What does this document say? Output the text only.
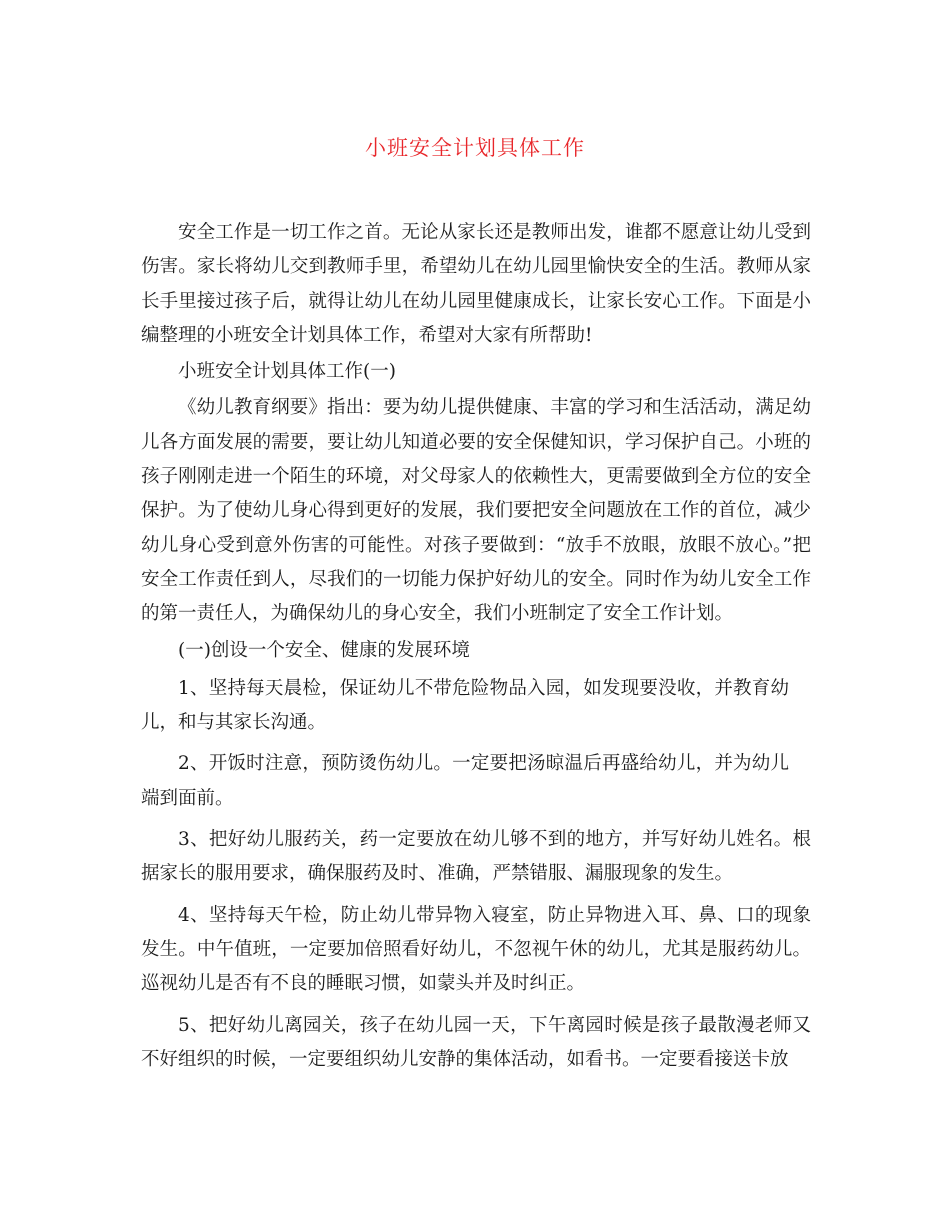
小班安全计划具体工作

安全工作是一切工作之首。无论从家长还是教师出发，谁都不愿意让幼儿受到伤害。家长将幼儿交到教师手里，希望幼儿在幼儿园里愉快安全的生活。教师从家长手里接过孩子后，就得让幼儿在幼儿园里健康成长，让家长安心工作。下面是小编整理的小班安全计划具体工作，希望对大家有所帮助!

小班安全计划具体工作(一)

《幼儿教育纲要》指出：要为幼儿提供健康、丰富的学习和生活活动，满足幼儿各方面发展的需要，要让幼儿知道必要的安全保健知识，学习保护自己。小班的孩子刚刚走进一个陌生的环境，对父母家人的依赖性大，更需要做到全方位的安全保护。为了使幼儿身心得到更好的发展，我们要把安全问题放在工作的首位，减少幼儿身心受到意外伤害的可能性。对孩子要做到：“放手不放眼，放眼不放心。”把安全工作责任到人，尽我们的一切能力保护好幼儿的安全。同时作为幼儿安全工作的第一责任人，为确保幼儿的身心安全，我们小班制定了安全工作计划。

(一)创设一个安全、健康的发展环境

1、坚持每天晨检，保证幼儿不带危险物品入园，如发现要没收，并教育幼儿，和与其家长沟通。

2、开饭时注意，预防烫伤幼儿。一定要把汤晾温后再盛给幼儿，并为幼儿端到面前。

3、把好幼儿服药关，药一定要放在幼儿够不到的地方，并写好幼儿姓名。根据家长的服用要求，确保服药及时、准确，严禁错服、漏服现象的发生。

4、坚持每天午检，防止幼儿带异物入寝室，防止异物进入耳、鼻、口的现象发生。中午值班，一定要加倍照看好幼儿，不忽视午休的幼儿，尤其是服药幼儿。巡视幼儿是否有不良的睡眠习惯，如蒙头并及时纠正。

5、把好幼儿离园关，孩子在幼儿园一天，下午离园时候是孩子最散漫老师又不好组织的时候，一定要组织幼儿安静的集体活动，如看书。一定要看接送卡放
